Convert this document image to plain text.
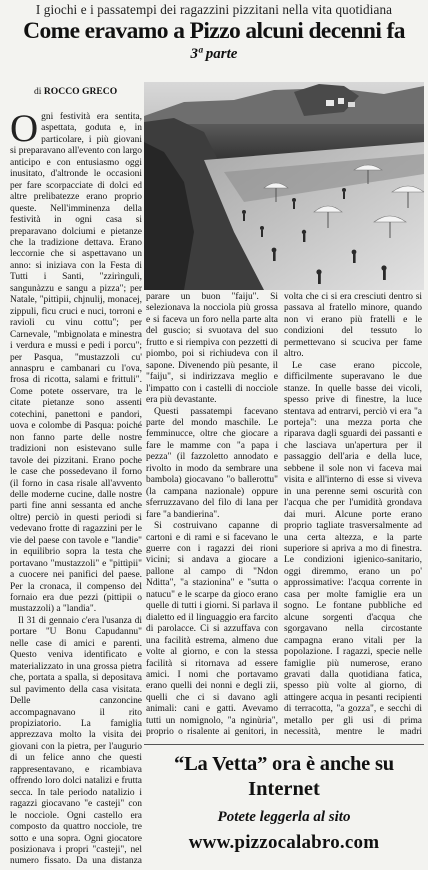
I giochi e i passatempi dei ragazzini pizzitani nella vita quotidiana
Come eravamo a Pizzo alcuni decenni fa
3ª parte
di ROCCO GRECO

Ogni festività era sentita, aspettata, goduta e, in particolare, i più giovani si preparavano all'evento con largo anticipo e con entusiasmo oggi inusitato, d'altronde le occasioni per fare scorpacciate di dolci ed altre prelibatezze erano proprio queste. Nell'imminenza della festività in ogni casa si preparavano dolciumi e pietanze che la tradizione dettava. Erano leccornie che si aspettavano un anno: si iniziava con la Festa di Tutti i Santi, "zzirìnguli, sangunàzzu e sangu a pizza"; per Natale, "pittìpii, chjnulij, monacej, zippuli, fìcu cruci e nuci, torroni e ravioli cu vinu cottu"; per Carnevale, "mbìgnolata e minestra i verdura e mussi e pedi i porcu"; per Pasqua, "mustazzoli cu' annaspru e cambanari cu l'ova, frosa di ricotta, salami e frittuli". Come potete osservare, tra le citate pietanze sono assenti cotechini, panettoni e pandori, uova e colombe di Pasqua: poiché non fanno parte delle nostre tradizioni non esistevano sulle tavole dei pizzitani. Erano poche le case che possedevano il forno (il forno in casa risale all'avvento delle moderne cucine, dalle nostre parti fine anni sessanta ed anche oltre) perciò in questi periodi si vedevano frotte di ragazzini per le vie del paese con tavole e "landie" in equilibrio sopra la testa che portavano "mustazzoli" e "pittìpii" a cuocere nei panifici del paese. Per la cronaca, il compenso del fornaio era due pezzi (pittìpii o mustazzoli) a "landia".

Il 31 di gennaio c'era l'usanza di portare "U Bonu Capudannu" nelle case di amici e parenti. Questo veniva identificato e materializzato in una grossa pietra che, portata a spalla, si depositava sul pavimento della casa visitata. Delle canzoncine accompagnavano il rito propiziatorio. La famiglia apprezzava molto la visita dei giovani con la pietra, per l'augurio di un felice anno che questi rappresentavano, e ricambiava offrendo loro dolci natalizi e frutta secca. In tale periodo natalizio i ragazzi giocavano "e casteji" con le nocciole. Ogni castello era composto da quattro nocciole, tre sotto e una sopra. Ogni giocatore posizionava i propri "casteji", nel numero fissato. Da una distanza

parare un buon "faiju". Si selezionava la nocciola più grossa e si faceva un foro nella parte alta del guscio; si svuotava del suo frutto e si riempiva con pezzetti di piombo, poi si richiudeva con il sapone. Divenendo più pesante, il "faiju", si indirizzava meglio e l'impatto con i castelli di nocciole era più devastante.

Questi passatempi facevano parte del mondo maschile. Le femminucce, oltre che giocare a fare le mamme con "a papa i pezza" (il fazzoletto annodato e rivolto in modo da sembrare una bambola) giocavano "o ballerottu" (la campana nazionale) oppure sferruzzavano del filo di lana per fare "a bandierina".

Si costruivano capanne di cartoni e di rami e si facevano le guerre con i ragazzi dei rioni vicini; si andava a giocare a pallone al campo di "Ndon Nditta", "a stazionina" e "sutta o natucu" e le scarpe da gioco erano quelle di tutti i giorni. Si parlava il dialetto ed il linguaggio era farcito di parolacce. Ci si azzuffava con una facilità estrema, almeno due volte al giorno, e con la stessa facilità si ritornava ad essere amici. I nomi che portavamo erano quelli dei nonni e degli zii, quelli che ci si davano agli animali: cani e gatti. Avevamo tutti un nomignolo, "a nginùria", proprio o risalente ai genitori, in

volta che ci si era cresciuti dentro si passava al fratello minore, quando non vi erano più fratelli e le condizioni del tessuto lo permettevano si scuciva per fame altro.

Le case erano piccole, difficilmente superavano le due stanze. In quelle basse dei vicoli, spesso prive di finestre, la luce stentava ad entrarvi, perciò vi era "a porteja": una mezza porta che riparava dagli sguardi dei passanti e che lasciava un'apertura per il passaggio dell'aria e della luce, sebbene il sole non vi faceva mai visita e all'interno di esse si viveva in una perenne semi oscurità con l'acqua che per l'umidità grondava dai muri. Alcune porte erano proprio tagliate trasversalmente ad una certa altezza, e la parte superiore si apriva a mo di finestra. Le condizioni igienico-sanitario, oggi diremmo, erano un po' approssimative: l'acqua corrente in casa per molte famiglie era un sogno. Le fontane pubbliche ed alcune sorgenti d'acqua che sgorgavano nella circostante campagna erano vitali per la popolazione. I ragazzi, specie nelle famiglie più numerose, erano gravati dalla quotidiana fatica, spesso più volte al giorno, di attingere acqua in pesanti recipienti di terracotta, "a gozza", e secchi di metallo per gli usi di prima necessità, mentre le madri

“La Vetta” ora è anche su
Internet
Potete leggerla al sito
www.pizzocalabro.com
